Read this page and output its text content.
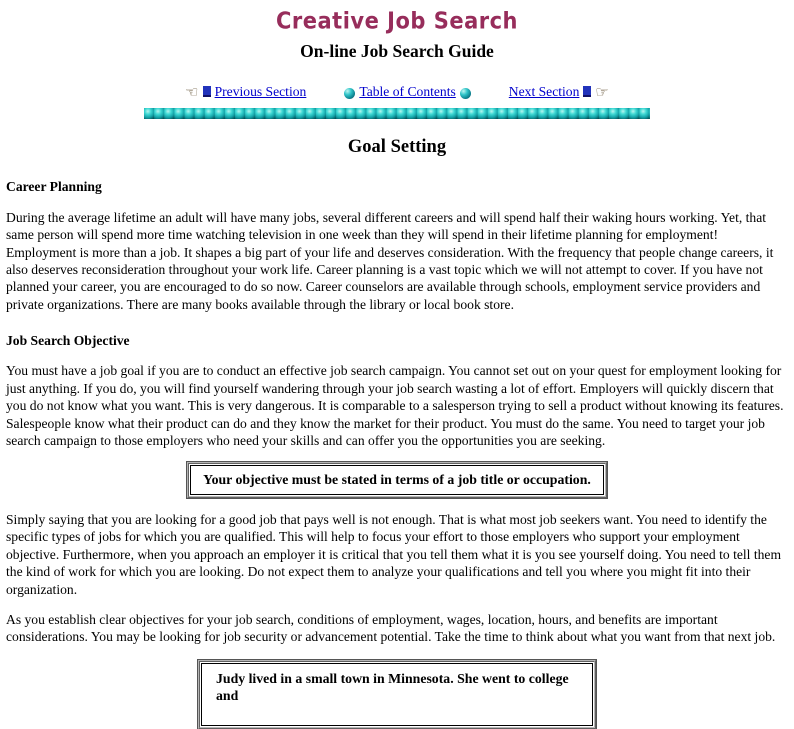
Creative Job Search
On-line Job Search Guide
☜ Previous Section	Table of Contents	Next Section ☞
Goal Setting
Career Planning

During the average lifetime an adult will have many jobs, several different careers and will spend half their waking hours working. Yet, that same person will spend more time watching television in one week than they will spend in their lifetime planning for employment! Employment is more than a job. It shapes a big part of your life and deserves consideration. With the frequency that people change careers, it also deserves reconsideration throughout your work life. Career planning is a vast topic which we will not attempt to cover. If you have not planned your career, you are encouraged to do so now. Career counselors are available through schools, employment service providers and private organizations. There are many books available through the library or local book store.

Job Search Objective

You must have a job goal if you are to conduct an effective job search campaign. You cannot set out on your quest for employment looking for just anything. If you do, you will find yourself wandering through your job search wasting a lot of effort. Employers will quickly discern that you do not know what you want. This is very dangerous. It is comparable to a salesperson trying to sell a product without knowing its features. Salespeople know what their product can do and they know the market for their product. You must do the same. You need to target your job search campaign to those employers who need your skills and can offer you the opportunities you are seeking.

Your objective must be stated in terms of a job title or occupation.

Simply saying that you are looking for a good job that pays well is not enough. That is what most job seekers want. You need to identify the specific types of jobs for which you are qualified. This will help to focus your effort to those employers who support your employment objective. Furthermore, when you approach an employer it is critical that you tell them what it is you see yourself doing. You need to tell them the kind of work for which you are looking. Do not expect them to analyze your qualifications and tell you where you might fit into their organization.

As you establish clear objectives for your job search, conditions of employment, wages, location, hours, and benefits are important considerations. You may be looking for job security or advancement potential. Take the time to think about what you want from that next job.

Judy lived in a small town in Minnesota. She went to college and
